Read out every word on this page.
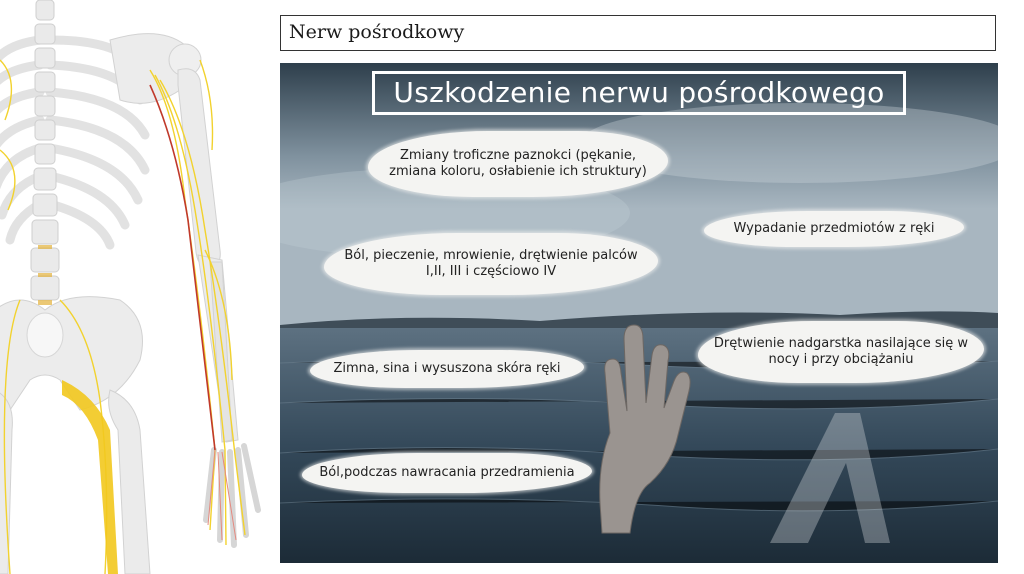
Nerw pośrodkowy
Uszkodzenie nerwu pośrodkowego
Zmiany troficzne paznokci (pękanie, zmiana koloru, osłabienie ich struktury)
Wypadanie przedmiotów z ręki
Ból, pieczenie, mrowienie, drętwienie palców I,II, III i częściowo IV
Drętwienie nadgarstka nasilające się w nocy i przy obciążaniu
Zimna, sina i wysuszona skóra ręki
Ból,podczas nawracania przedramienia
